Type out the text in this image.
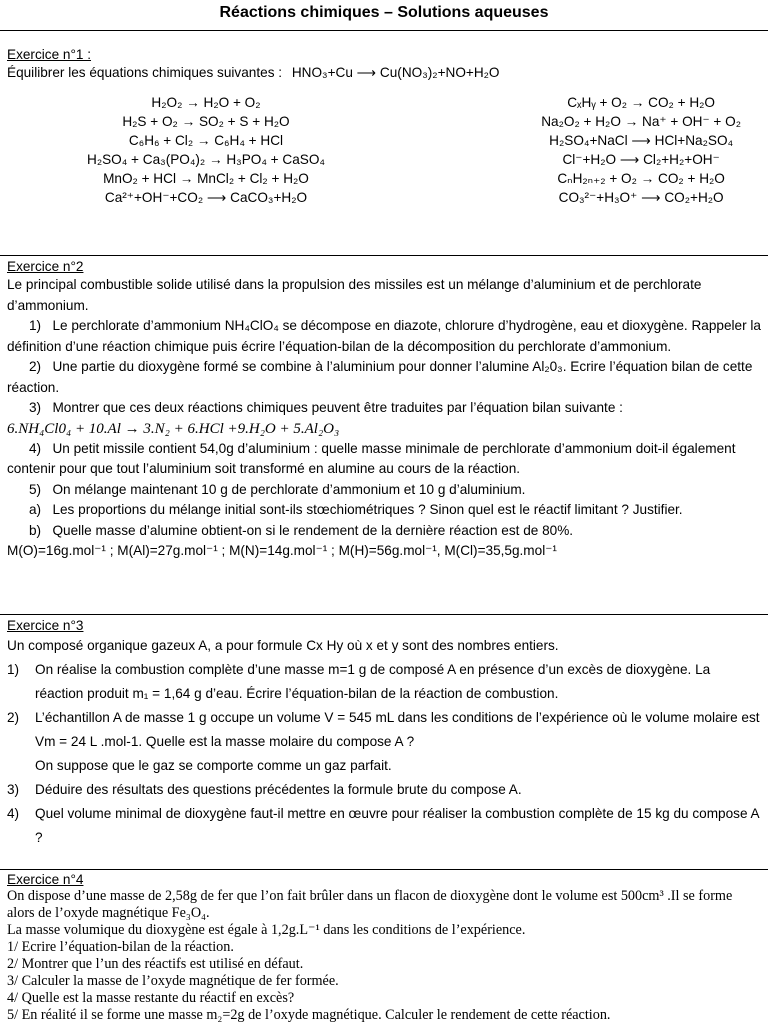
Réactions chimiques – Solutions aqueuses
Exercice n°1 :
Équilibrer les équations chimiques suivantes : HNO₃+Cu ⟶ Cu(NO₃)₂+NO+H₂O
H₂O₂ → H₂O + O₂
H₂S + O₂ → SO₂ + S + H₂O
C₆H₆ + Cl₂ → C₆H₄ + HCl
H₂SO₄ + Ca₃(PO₄)₂ → H₃PO₄ + CaSO₄
MnO₂ + HCl → MnCl₂ + Cl₂ + H₂O
Ca²⁺+OH⁻+CO₂ ⟶ CaCO₃+H₂O
CₓHᵧ + O₂ → CO₂ + H₂O
Na₂O₂ + H₂O → Na⁺ + OH⁻ + O₂
H₂SO₄+NaCl ⟶ HCl+Na₂SO₄
Cl⁻+H₂O ⟶ Cl₂+H₂+OH⁻
CₙH₂ₙ₊₂ + O₂ → CO₂ + H₂O
CO₃²⁻+H₃O⁺ ⟶ CO₂+H₂O
Exercice n°2
Le principal combustible solide utilisé dans la propulsion des missiles est un mélange d’aluminium et de perchlorate d’ammonium.
1) Le perchlorate d’ammonium NH₄ClO₄ se décompose en diazote, chlorure d’hydrogène, eau et dioxygène. Rappeler la définition d’une réaction chimique puis écrire l’équation-bilan de la décomposition du perchlorate d’ammonium.
2) Une partie du dioxygène formé se combine à l’aluminium pour donner l’alumine Al₂0₃. Ecrire l’équation bilan de cette réaction.
3) Montrer que ces deux réactions chimiques peuvent être traduites par l’équation bilan suivante :
6.NH₄Cl0₄ + 10.Al → 3.N₂ + 6.HCl +9.H₂O + 5.Al₂O₃
4) Un petit missile contient 54,0g d’aluminium : quelle masse minimale de perchlorate d’ammonium doit-il également contenir pour que tout l’aluminium soit transformé en alumine au cours de la réaction.
5) On mélange maintenant 10 g de perchlorate d’ammonium et 10 g d’aluminium.
a) Les proportions du mélange initial sont-ils stœchiométriques ? Sinon quel est le réactif limitant ? Justifier.
b) Quelle masse d’alumine obtient-on si le rendement de la dernière réaction est de 80%.
M(O)=16g.mol⁻¹ ; M(Al)=27g.mol⁻¹ ; M(N)=14g.mol⁻¹ ; M(H)=56g.mol⁻¹, M(Cl)=35,5g.mol⁻¹
Exercice n°3
Un composé organique gazeux A, a pour formule Cx Hy où x et y sont des nombres entiers.
1)	On réalise la combustion complète d’une masse m=1 g de composé A en présence d’un excès de dioxygène. La réaction produit m₁ = 1,64 g d’eau. Écrire l’équation-bilan de la réaction de combustion.
2)	L’échantillon A de masse 1 g occupe un volume V = 545 mL dans les conditions de l’expérience où le volume molaire est Vm = 24 L .mol-1. Quelle est la masse molaire du compose A ?
On suppose que le gaz se comporte comme un gaz parfait.
3)	Déduire des résultats des questions précédentes la formule brute du compose A.
4)	Quel volume minimal de dioxygène faut-il mettre en œuvre pour réaliser la combustion complète de 15 kg du compose A ?
Exercice n°4
On dispose d’une masse de 2,58g de fer que l’on fait brûler dans un flacon de dioxygène dont le volume est 500cm³ .Il se forme alors de l’oxyde magnétique Fe₃O₄.
La masse volumique du dioxygène est égale à 1,2g.L⁻¹ dans les conditions de l’expérience.
1/ Ecrire l’équation-bilan de la réaction.
2/ Montrer que l’un des réactifs est utilisé en défaut.
3/ Calculer la masse de l’oxyde magnétique de fer formée.
4/ Quelle est la masse restante du réactif en excès?
5/ En réalité il se forme une masse m₂=2g de l’oxyde magnétique. Calculer le rendement de cette réaction.
